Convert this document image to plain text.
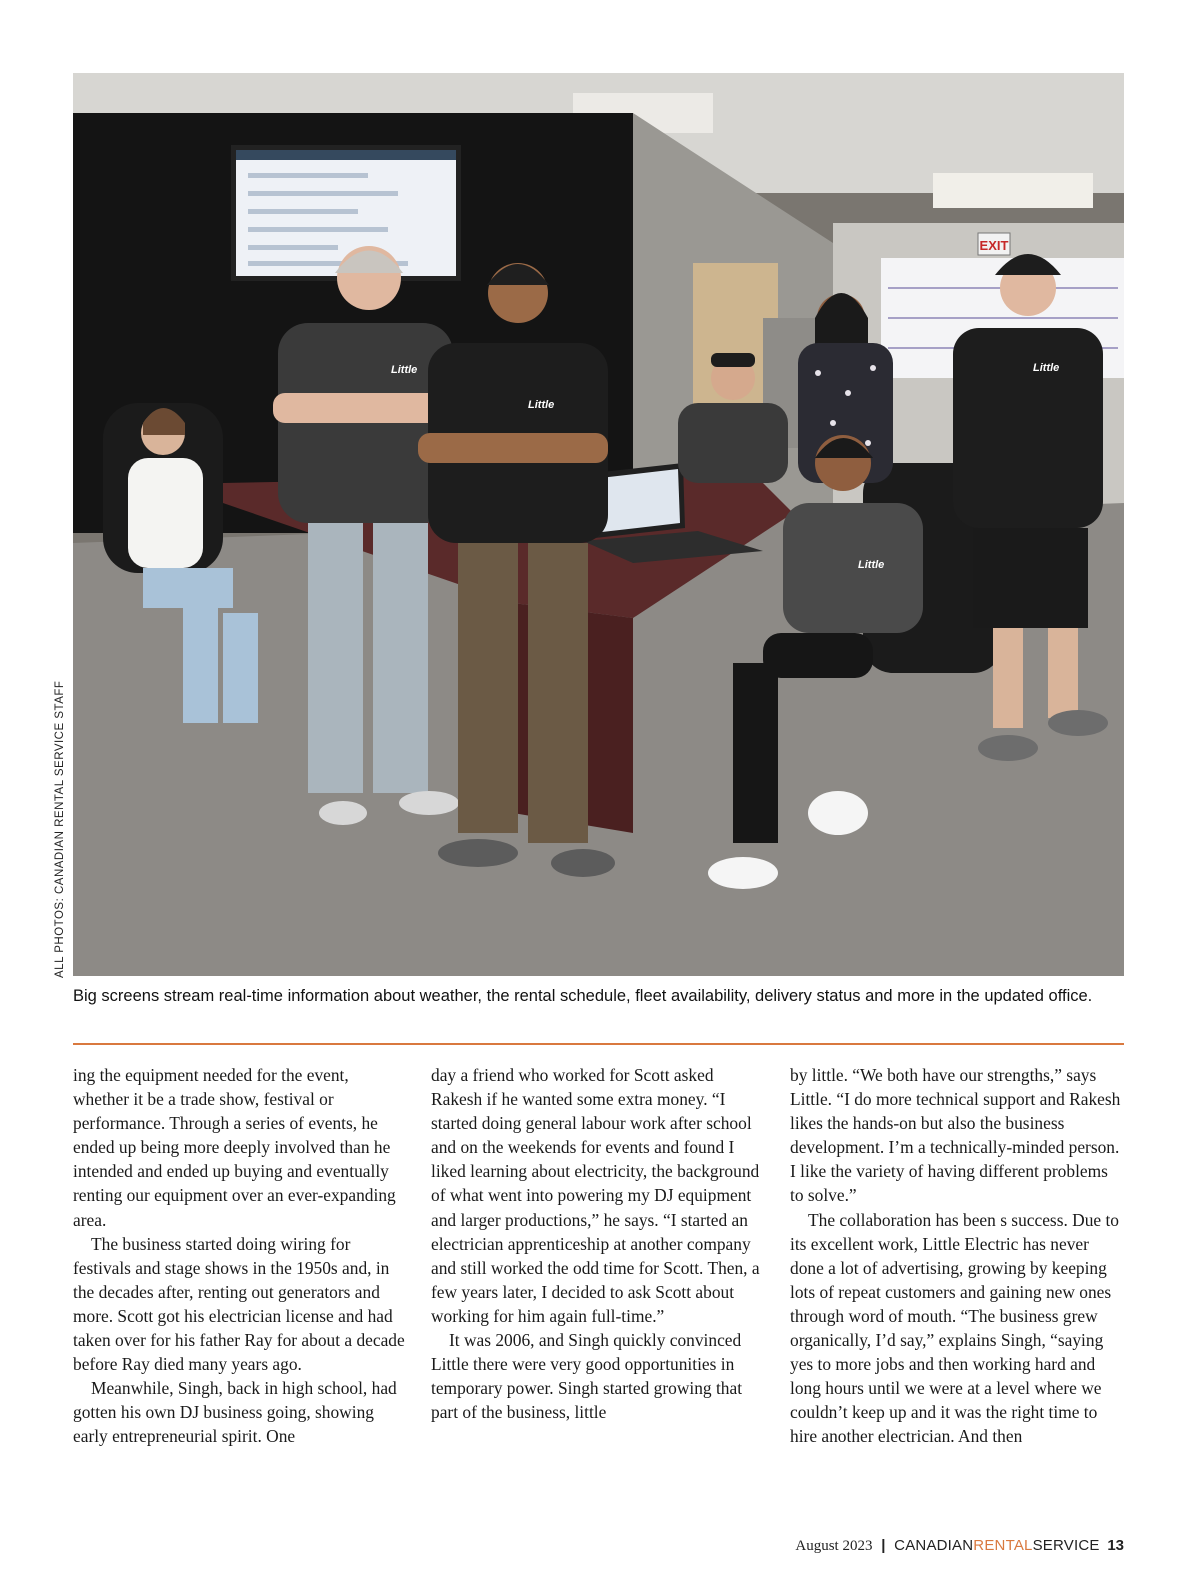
ALL PHOTOS: CANADIAN RENTAL SERVICE STAFF
EXIT
Little
Little
Little
Little
Big screens stream real-time information about weather, the rental schedule, fleet availability, delivery status and more in the updated office.

ing the equipment needed for the event, whether it be a trade show, festival or performance. Through a series of events, he ended up being more deeply involved than he intended and ended up buying and eventually renting our equipment over an ever-expanding area.

The business started doing wiring for festivals and stage shows in the 1950s and, in the decades after, renting out generators and more. Scott got his electrician license and had taken over for his father Ray for about a decade before Ray died many years ago.

Meanwhile, Singh, back in high school, had gotten his own DJ business going, showing early entrepreneurial spirit. One

day a friend who worked for Scott asked Rakesh if he wanted some extra money. “I started doing general labour work after school and on the weekends for events and found I liked learning about electricity, the background of what went into powering my DJ equipment and larger productions,” he says. “I started an electrician apprenticeship at another company and still worked the odd time for Scott. Then, a few years later, I decided to ask Scott about working for him again full-time.”

It was 2006, and Singh quickly convinced Little there were very good opportunities in temporary power. Singh started growing that part of the business, little

by little. “We both have our strengths,” says Little. “I do more technical support and Rakesh likes the hands-on but also the business development. I’m a technically-minded person. I like the variety of having different problems to solve.”

The collaboration has been s success. Due to its excellent work, Little Electric has never done a lot of advertising, growing by keeping lots of repeat customers and gaining new ones through word of mouth. “The business grew organically, I’d say,” explains Singh, “saying yes to more jobs and then working hard and long hours until we were at a level where we couldn’t keep up and it was the right time to hire another electrician. And then

August 2023 | CANADIANRENTALSERVICE 13
